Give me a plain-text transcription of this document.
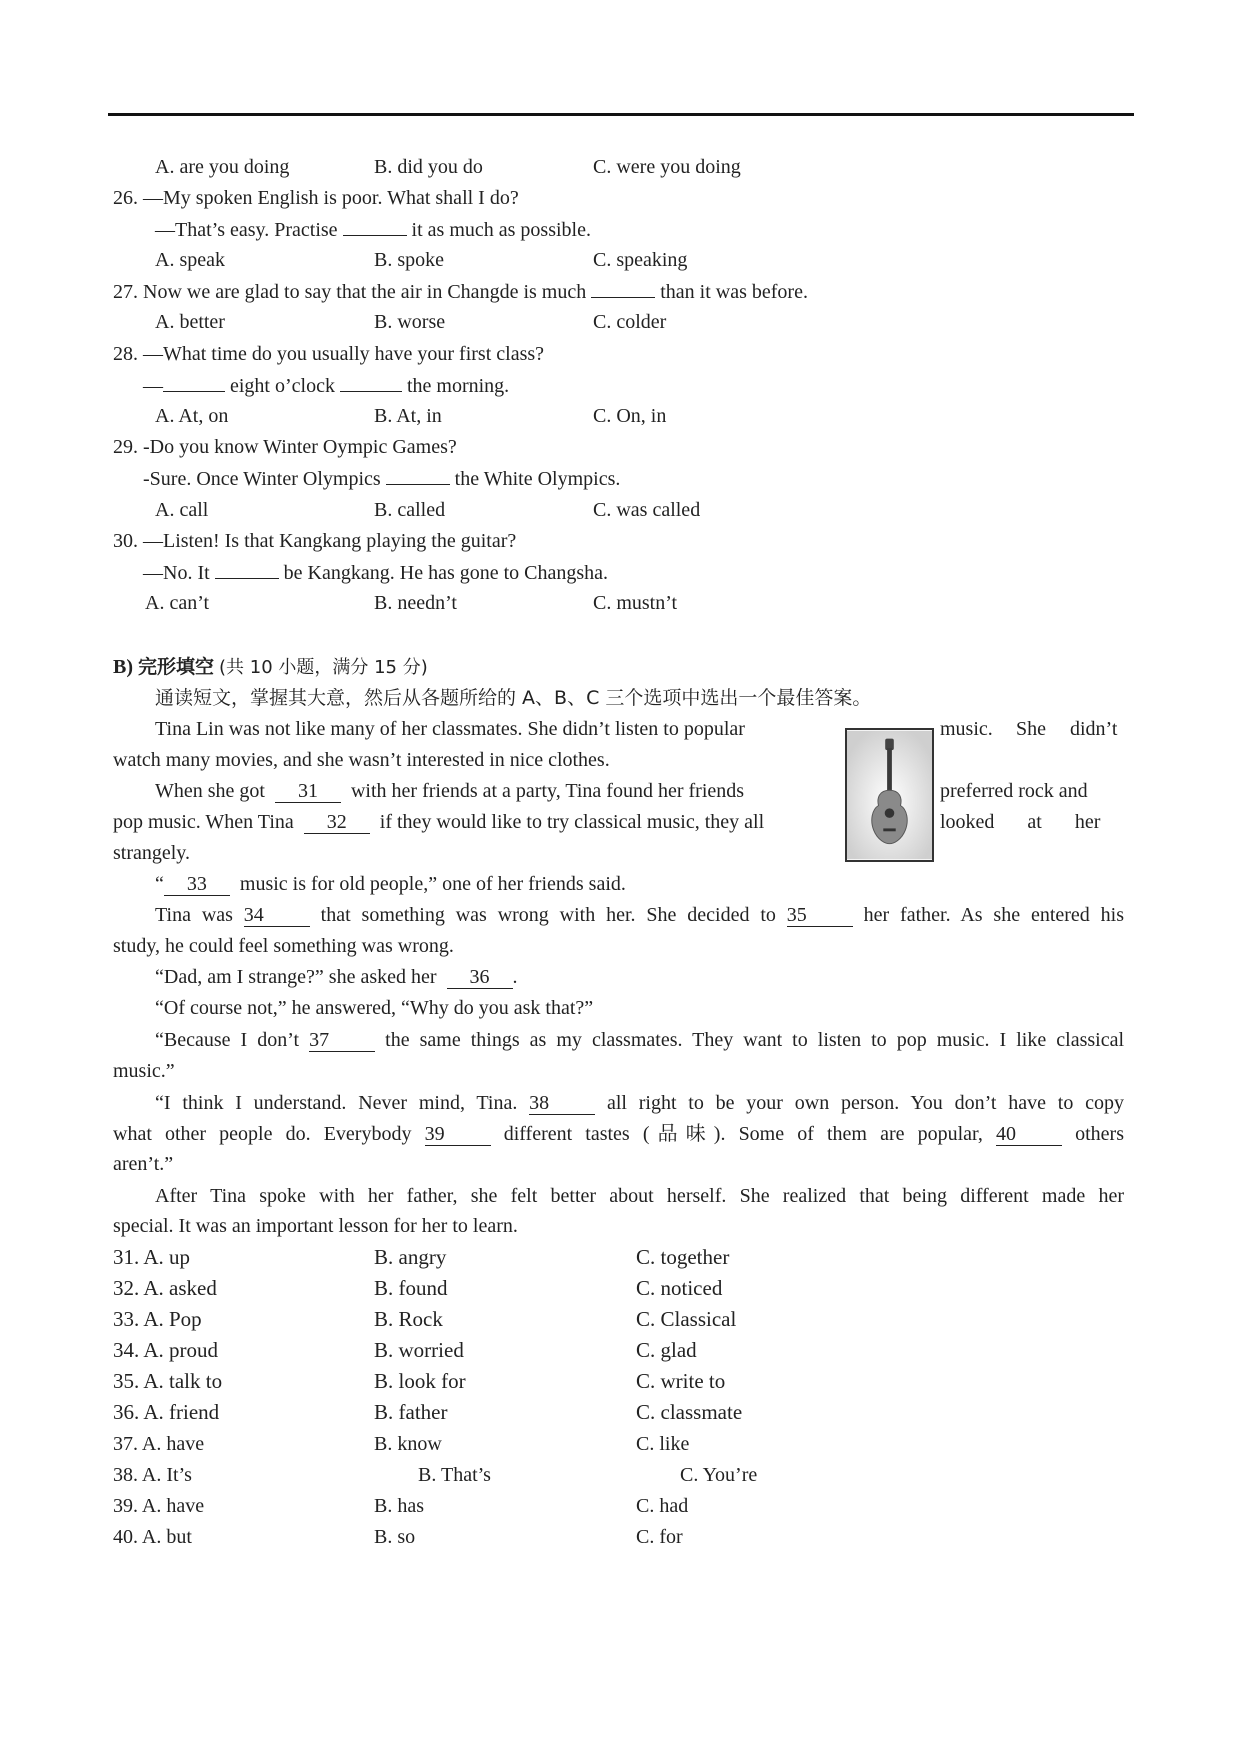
A. are you doing	B. did you do	C. were you doing
26. —My spoken English is poor. What shall I do?
—That’s easy. Practise	it as much as possible.
A. speak	B. spoke	C. speaking
27. Now we are glad to say that the air in Changde is much	than it was before.
A. better	B. worse	C. colder
28. —What time do you usually have your first class?
—	eight o’clock	the morning.
A. At, on	B. At, in	C. On, in
29. -Do you know Winter Oympic Games?
-Sure. Once Winter Olympics	the White Olympics.
A. call	B. called	C. was called
30. —Listen! Is that Kangkang playing the guitar?
—No. It	be Kangkang. He has gone to Changsha.
A. can’t	B. needn’t	C. mustn’t
B) 完形填空 (共 10 小题，满分 15 分)
通读短文，掌握其大意，然后从各题所给的 A、B、C 三个选项中选出一个最佳答案。
Tina Lin was not like many of her classmates. She didn’t listen to popular	music. She didn’t
watch many movies, and she wasn’t interested in nice clothes.
When she got 31 with her friends at a party, Tina found her friends	preferred rock and
pop music. When Tina 32 if they would like to try classical music, they all	looked at her
strangely.
“ 33 music is for old people,” one of her friends said.
Tina was 34	that something was wrong with her. She decided to 35	her father. As she entered his
study, he could feel something was wrong.
“Dad, am I strange?” she asked her 36 .
“Of course not,” he answered, “Why do you ask that?”
“Because I don’t 37	the same things as my classmates. They want to listen to pop music. I like classical
music.”
“I think I understand. Never mind, Tina. 38	all right to be your own person. You don’t have to copy
what other people do. Everybody 39	different tastes (品味). Some of them are popular, 40	others
aren’t.”
After Tina spoke with her father, she felt better about herself. She realized that being different made her
special. It was an important lesson for her to learn.
31. A. up	B. angry	C. together
32. A. asked	B. found	C. noticed
33. A. Pop	B. Rock	C. Classical
34. A. proud	B. worried	C. glad
35. A. talk to	B. look for	C. write to
36. A. friend	B. father	C. classmate
37. A. have	B. know	C. like
38. A. It’s	B. That’s	C. You’re
39. A. have	B. has	C. had
40. A. but	B. so	C. for
